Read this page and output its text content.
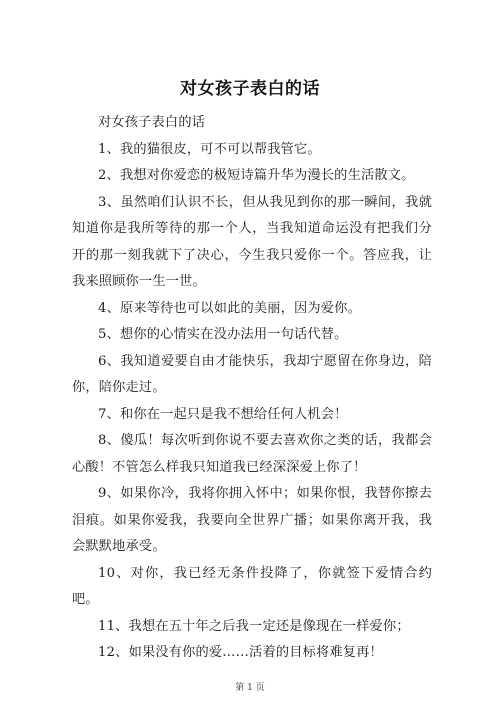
对女孩子表白的话

对女孩子表白的话

1、我的猫很皮，可不可以帮我管它。

2、我想对你爱恋的极短诗篇升华为漫长的生活散文。

3、虽然咱们认识不长，但从我见到你的那一瞬间，我就知道你是我所等待的那一个人，当我知道命运没有把我们分开的那一刻我就下了决心，今生我只爱你一个。答应我，让我来照顾你一生一世。

4、原来等待也可以如此的美丽，因为爱你。

5、想你的心情实在没办法用一句话代替。

6、我知道爱要自由才能快乐，我却宁愿留在你身边，陪你，陪你走过。

7、和你在一起只是我不想给任何人机会！

8、傻瓜！每次听到你说不要去喜欢你之类的话，我都会心酸！不管怎么样我只知道我已经深深爱上你了！

9、如果你冷，我将你拥入怀中；如果你恨，我替你擦去泪痕。如果你爱我，我要向全世界广播；如果你离开我，我会默默地承受。

10、对你，我已经无条件投降了，你就签下爱情合约吧。

11、我想在五十年之后我一定还是像现在一样爱你；

12、如果没有你的爱……活着的目标将难复再！

第 1 页
